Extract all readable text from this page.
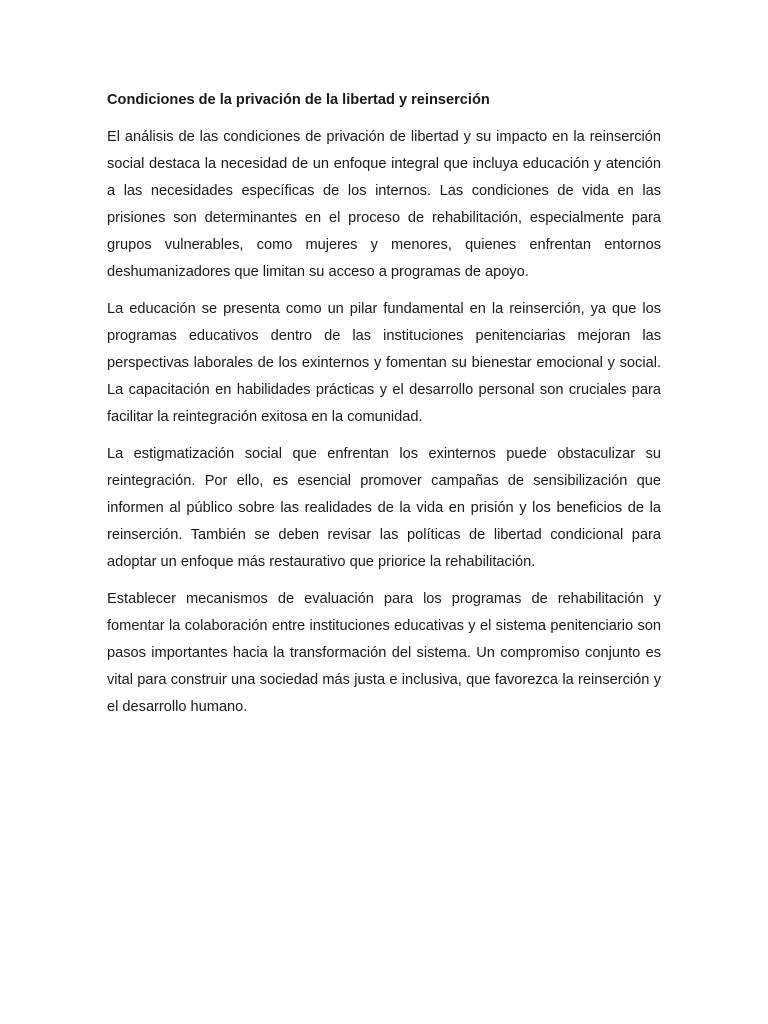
Condiciones de la privación de la libertad y reinserción

El análisis de las condiciones de privación de libertad y su impacto en la reinserción social destaca la necesidad de un enfoque integral que incluya educación y atención a las necesidades específicas de los internos. Las condiciones de vida en las prisiones son determinantes en el proceso de rehabilitación, especialmente para grupos vulnerables, como mujeres y menores, quienes enfrentan entornos deshumanizadores que limitan su acceso a programas de apoyo.

La educación se presenta como un pilar fundamental en la reinserción, ya que los programas educativos dentro de las instituciones penitenciarias mejoran las perspectivas laborales de los exinternos y fomentan su bienestar emocional y social. La capacitación en habilidades prácticas y el desarrollo personal son cruciales para facilitar la reintegración exitosa en la comunidad.

La estigmatización social que enfrentan los exinternos puede obstaculizar su reintegración. Por ello, es esencial promover campañas de sensibilización que informen al público sobre las realidades de la vida en prisión y los beneficios de la reinserción. También se deben revisar las políticas de libertad condicional para adoptar un enfoque más restaurativo que priorice la rehabilitación.

Establecer mecanismos de evaluación para los programas de rehabilitación y fomentar la colaboración entre instituciones educativas y el sistema penitenciario son pasos importantes hacia la transformación del sistema. Un compromiso conjunto es vital para construir una sociedad más justa e inclusiva, que favorezca la reinserción y el desarrollo humano.
